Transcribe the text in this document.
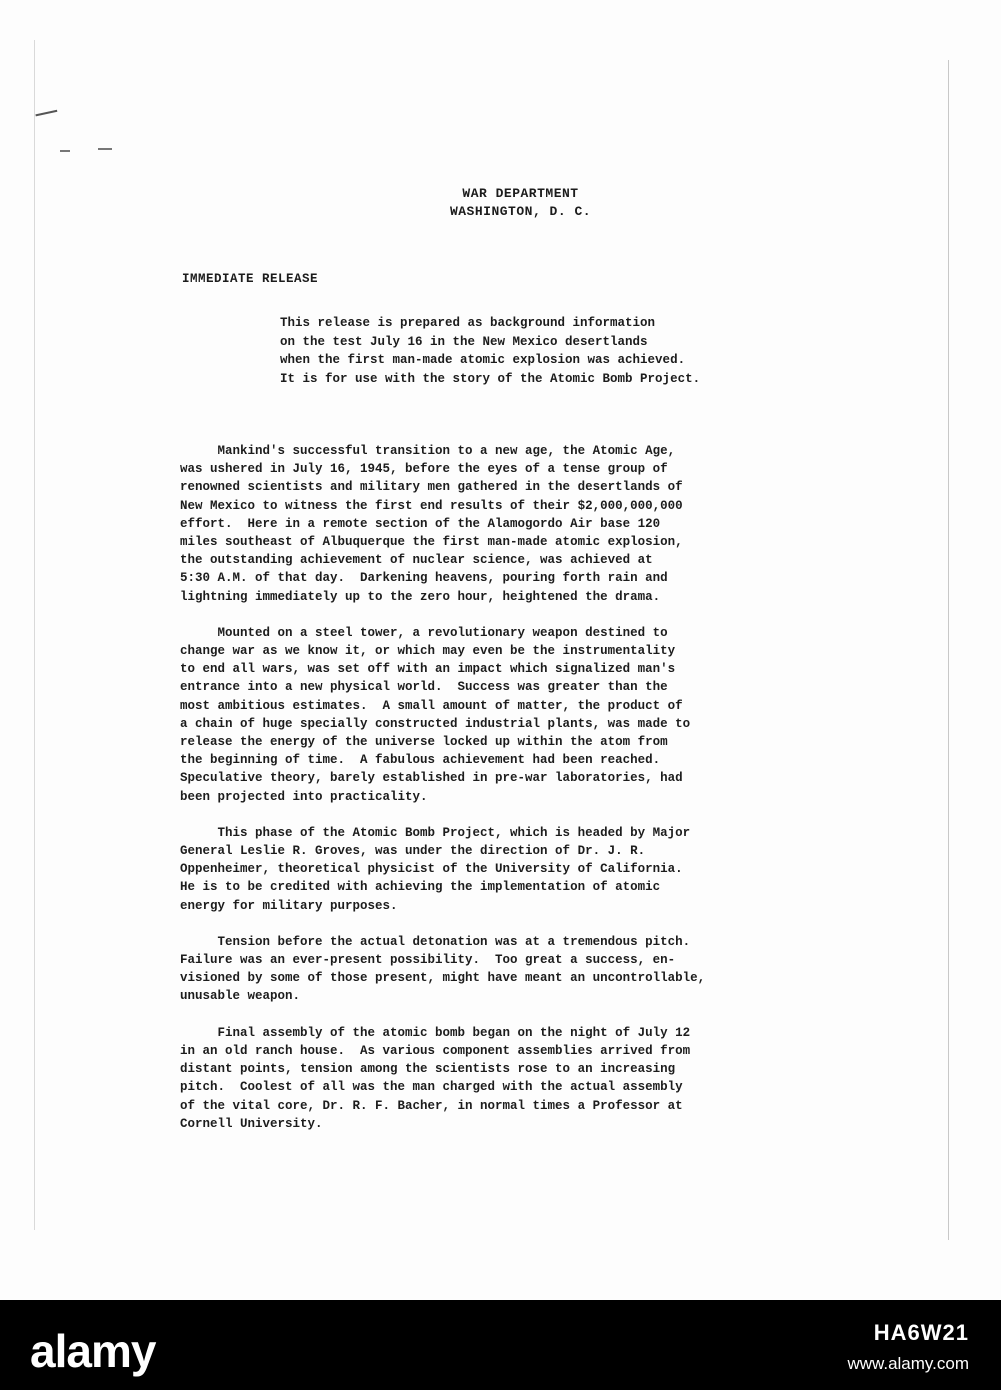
WAR DEPARTMENT
WASHINGTON, D. C.
IMMEDIATE RELEASE
This release is prepared as background information
on the test July 16 in the New Mexico desertlands
when the first man-made atomic explosion was achieved.
It is for use with the story of the Atomic Bomb Project.
Mankind's successful transition to a new age, the Atomic Age,
was ushered in July 16, 1945, before the eyes of a tense group of
renowned scientists and military men gathered in the desertlands of
New Mexico to witness the first end results of their $2,000,000,000
effort.  Here in a remote section of the Alamogordo Air base 120
miles southeast of Albuquerque the first man-made atomic explosion,
the outstanding achievement of nuclear science, was achieved at
5:30 A.M. of that day.  Darkening heavens, pouring forth rain and
lightning immediately up to the zero hour, heightened the drama.
Mounted on a steel tower, a revolutionary weapon destined to
change war as we know it, or which may even be the instrumentality
to end all wars, was set off with an impact which signalized man's
entrance into a new physical world.  Success was greater than the
most ambitious estimates.  A small amount of matter, the product of
a chain of huge specially constructed industrial plants, was made to
release the energy of the universe locked up within the atom from
the beginning of time.  A fabulous achievement had been reached.
Speculative theory, barely established in pre-war laboratories, had
been projected into practicality.
This phase of the Atomic Bomb Project, which is headed by Major
General Leslie R. Groves, was under the direction of Dr. J. R.
Oppenheimer, theoretical physicist of the University of California.
He is to be credited with achieving the implementation of atomic
energy for military purposes.
Tension before the actual detonation was at a tremendous pitch.
Failure was an ever-present possibility.  Too great a success, en-
visioned by some of those present, might have meant an uncontrollable,
unusable weapon.
Final assembly of the atomic bomb began on the night of July 12
in an old ranch house.  As various component assemblies arrived from
distant points, tension among the scientists rose to an increasing
pitch.  Coolest of all was the man charged with the actual assembly
of the vital core, Dr. R. F. Bacher, in normal times a Professor at
Cornell University.
alamy	HA6W21
www.alamy.com
